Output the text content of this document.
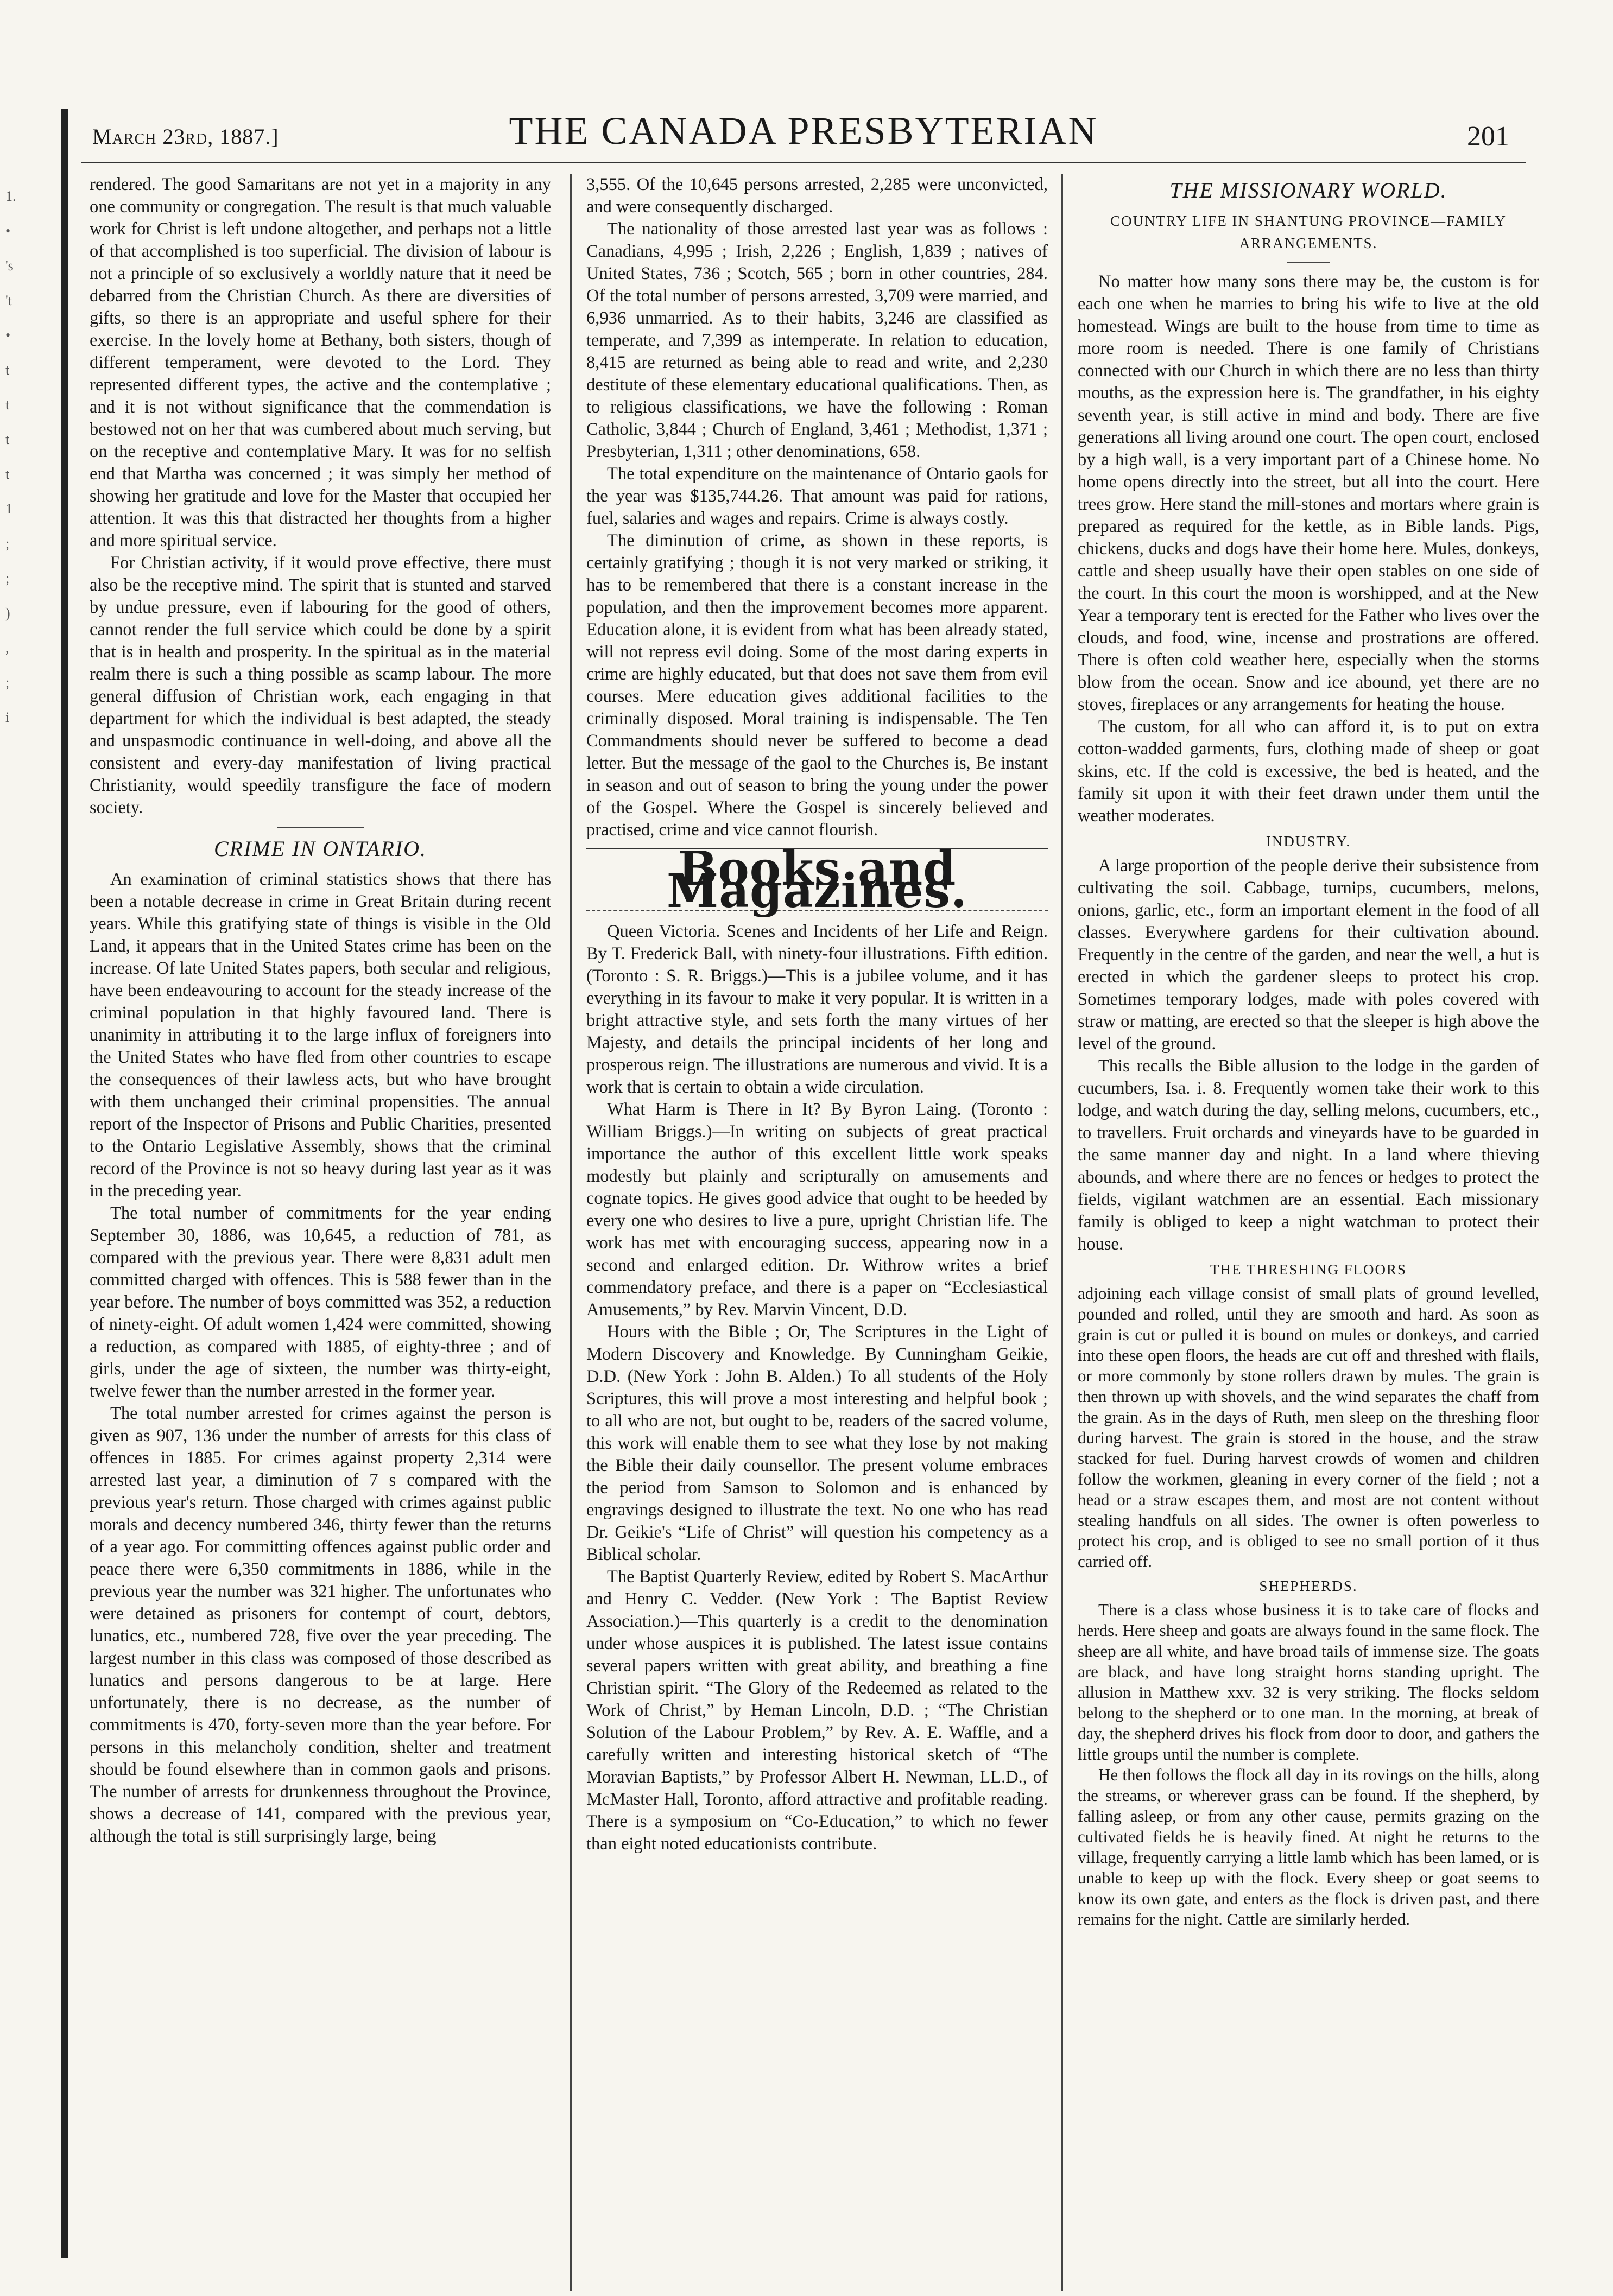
1.
•
's
't
•
t
t
t
t
1
;
;
)
,
;
i
March 23rd, 1887.]	THE CANADA PRESBYTERIAN	201

rendered. The good Samaritans are not yet in a majority in any one community or congregation. The result is that much valuable work for Christ is left undone altogether, and perhaps not a little of that accomplished is too superficial. The division of labour is not a principle of so exclusively a worldly nature that it need be debarred from the Christian Church. As there are diversities of gifts, so there is an appropriate and useful sphere for their exercise. In the lovely home at Bethany, both sisters, though of different temperament, were devoted to the Lord. They represented different types, the active and the contemplative ; and it is not without significance that the commendation is bestowed not on her that was cumbered about much serving, but on the receptive and contemplative Mary. It was for no selfish end that Martha was concerned ; it was simply her method of showing her gratitude and love for the Master that occupied her attention. It was this that distracted her thoughts from a higher and more spiritual service.

For Christian activity, if it would prove effective, there must also be the receptive mind. The spirit that is stunted and starved by undue pressure, even if labouring for the good of others, cannot render the full service which could be done by a spirit that is in health and prosperity. In the spiritual as in the material realm there is such a thing possible as scamp labour. The more general diffusion of Christian work, each engaging in that department for which the individual is best adapted, the steady and unspasmodic continuance in well-doing, and above all the consistent and every-day manifestation of living practical Christianity, would speedily transfigure the face of modern society.

CRIME IN ONTARIO.

An examination of criminal statistics shows that there has been a notable decrease in crime in Great Britain during recent years. While this gratifying state of things is visible in the Old Land, it appears that in the United States crime has been on the increase. Of late United States papers, both secular and religious, have been endeavouring to account for the steady increase of the criminal population in that highly favoured land. There is unanimity in attributing it to the large influx of foreigners into the United States who have fled from other countries to escape the consequences of their lawless acts, but who have brought with them unchanged their criminal propensities. The annual report of the Inspector of Prisons and Public Charities, presented to the Ontario Legislative Assembly, shows that the criminal record of the Province is not so heavy during last year as it was in the preceding year.

The total number of commitments for the year ending September 30, 1886, was 10,645, a reduction of 781, as compared with the previous year. There were 8,831 adult men committed charged with offences. This is 588 fewer than in the year before. The number of boys committed was 352, a reduction of ninety-eight. Of adult women 1,424 were committed, showing a reduction, as compared with 1885, of eighty-three ; and of girls, under the age of sixteen, the number was thirty-eight, twelve fewer than the number arrested in the former year.

The total number arrested for crimes against the person is given as 907, 136 under the number of arrests for this class of offences in 1885. For crimes against property 2,314 were arrested last year, a diminution of 7 s compared with the previous year's return. Those charged with crimes against public morals and decency numbered 346, thirty fewer than the returns of a year ago. For committing offences against public order and peace there were 6,350 commitments in 1886, while in the previous year the number was 321 higher. The unfortunates who were detained as prisoners for contempt of court, debtors, lunatics, etc., numbered 728, five over the year preceding. The largest number in this class was composed of those described as lunatics and persons dangerous to be at large. Here unfortunately, there is no decrease, as the number of commitments is 470, forty-seven more than the year before. For persons in this melancholy condition, shelter and treatment should be found elsewhere than in common gaols and prisons. The number of arrests for drunkenness throughout the Province, shows a decrease of 141, compared with the previous year, although the total is still surprisingly large, being

3,555. Of the 10,645 persons arrested, 2,285 were unconvicted, and were consequently discharged.

The nationality of those arrested last year was as follows : Canadians, 4,995 ; Irish, 2,226 ; English, 1,839 ; natives of United States, 736 ; Scotch, 565 ; born in other countries, 284. Of the total number of persons arrested, 3,709 were married, and 6,936 unmarried. As to their habits, 3,246 are classified as temperate, and 7,399 as intemperate. In relation to education, 8,415 are returned as being able to read and write, and 2,230 destitute of these elementary educational qualifications. Then, as to religious classifications, we have the following : Roman Catholic, 3,844 ; Church of England, 3,461 ; Methodist, 1,371 ; Presbyterian, 1,311 ; other denominations, 658.

The total expenditure on the maintenance of Ontario gaols for the year was $135,744.26. That amount was paid for rations, fuel, salaries and wages and repairs. Crime is always costly.

The diminution of crime, as shown in these reports, is certainly gratifying ; though it is not very marked or striking, it has to be remembered that there is a constant increase in the population, and then the improvement becomes more apparent. Education alone, it is evident from what has been already stated, will not repress evil doing. Some of the most daring experts in crime are highly educated, but that does not save them from evil courses. Mere education gives additional facilities to the criminally disposed. Moral training is indispensable. The Ten Commandments should never be suffered to become a dead letter. But the message of the gaol to the Churches is, Be instant in season and out of season to bring the young under the power of the Gospel. Where the Gospel is sincerely believed and practised, crime and vice cannot flourish.

Books and Magazines.

Queen Victoria. Scenes and Incidents of her Life and Reign. By T. Frederick Ball, with ninety-four illustrations. Fifth edition. (Toronto : S. R. Briggs.)—This is a jubilee volume, and it has everything in its favour to make it very popular. It is written in a bright attractive style, and sets forth the many virtues of her Majesty, and details the principal incidents of her long and prosperous reign. The illustrations are numerous and vivid. It is a work that is certain to obtain a wide circulation.

What Harm is There in It? By Byron Laing. (Toronto : William Briggs.)—In writing on subjects of great practical importance the author of this excellent little work speaks modestly but plainly and scripturally on amusements and cognate topics. He gives good advice that ought to be heeded by every one who desires to live a pure, upright Christian life. The work has met with encouraging success, appearing now in a second and enlarged edition. Dr. Withrow writes a brief commendatory preface, and there is a paper on “Ecclesiastical Amusements,” by Rev. Marvin Vincent, D.D.

Hours with the Bible ; Or, The Scriptures in the Light of Modern Discovery and Knowledge. By Cunningham Geikie, D.D. (New York : John B. Alden.) To all students of the Holy Scriptures, this will prove a most interesting and helpful book ; to all who are not, but ought to be, readers of the sacred volume, this work will enable them to see what they lose by not making the Bible their daily counsellor. The present volume embraces the period from Samson to Solomon and is enhanced by engravings designed to illustrate the text. No one who has read Dr. Geikie's “Life of Christ” will question his competency as a Biblical scholar.

The Baptist Quarterly Review, edited by Robert S. MacArthur and Henry C. Vedder. (New York : The Baptist Review Association.)—This quarterly is a credit to the denomination under whose auspices it is published. The latest issue contains several papers written with great ability, and breathing a fine Christian spirit. “The Glory of the Redeemed as related to the Work of Christ,” by Heman Lincoln, D.D. ; “The Christian Solution of the Labour Problem,” by Rev. A. E. Waffle, and a carefully written and interesting historical sketch of “The Moravian Baptists,” by Professor Albert H. Newman, LL.D., of McMaster Hall, Toronto, afford attractive and profitable reading. There is a symposium on “Co-Education,” to which no fewer than eight noted educationists contribute.

THE MISSIONARY WORLD.
COUNTRY LIFE IN SHANTUNG PROVINCE—FAMILY ARRANGEMENTS.

No matter how many sons there may be, the custom is for each one when he marries to bring his wife to live at the old homestead. Wings are built to the house from time to time as more room is needed. There is one family of Christians connected with our Church in which there are no less than thirty mouths, as the expression here is. The grandfather, in his eighty seventh year, is still active in mind and body. There are five generations all living around one court. The open court, enclosed by a high wall, is a very important part of a Chinese home. No home opens directly into the street, but all into the court. Here trees grow. Here stand the mill-stones and mortars where grain is prepared as required for the kettle, as in Bible lands. Pigs, chickens, ducks and dogs have their home here. Mules, donkeys, cattle and sheep usually have their open stables on one side of the court. In this court the moon is worshipped, and at the New Year a temporary tent is erected for the Father who lives over the clouds, and food, wine, incense and prostrations are offered. There is often cold weather here, especially when the storms blow from the ocean. Snow and ice abound, yet there are no stoves, fireplaces or any arrangements for heating the house.

The custom, for all who can afford it, is to put on extra cotton-wadded garments, furs, clothing made of sheep or goat skins, etc. If the cold is excessive, the bed is heated, and the family sit upon it with their feet drawn under them until the weather moderates.

INDUSTRY.

A large proportion of the people derive their subsistence from cultivating the soil. Cabbage, turnips, cucumbers, melons, onions, garlic, etc., form an important element in the food of all classes. Everywhere gardens for their cultivation abound. Frequently in the centre of the garden, and near the well, a hut is erected in which the gardener sleeps to protect his crop. Sometimes temporary lodges, made with poles covered with straw or matting, are erected so that the sleeper is high above the level of the ground.

This recalls the Bible allusion to the lodge in the garden of cucumbers, Isa. i. 8. Frequently women take their work to this lodge, and watch during the day, selling melons, cucumbers, etc., to travellers. Fruit orchards and vineyards have to be guarded in the same manner day and night. In a land where thieving abounds, and where there are no fences or hedges to protect the fields, vigilant watchmen are an essential. Each missionary family is obliged to keep a night watchman to protect their house.

THE THRESHING FLOORS

adjoining each village consist of small plats of ground levelled, pounded and rolled, until they are smooth and hard. As soon as grain is cut or pulled it is bound on mules or donkeys, and carried into these open floors, the heads are cut off and threshed with flails, or more commonly by stone rollers drawn by mules. The grain is then thrown up with shovels, and the wind separates the chaff from the grain. As in the days of Ruth, men sleep on the threshing floor during harvest. The grain is stored in the house, and the straw stacked for fuel. During harvest crowds of women and children follow the workmen, gleaning in every corner of the field ; not a head or a straw escapes them, and most are not content without stealing handfuls on all sides. The owner is often powerless to protect his crop, and is obliged to see no small portion of it thus carried off.

SHEPHERDS.

There is a class whose business it is to take care of flocks and herds. Here sheep and goats are always found in the same flock. The sheep are all white, and have broad tails of immense size. The goats are black, and have long straight horns standing upright. The allusion in Matthew xxv. 32 is very striking. The flocks seldom belong to the shepherd or to one man. In the morning, at break of day, the shepherd drives his flock from door to door, and gathers the little groups until the number is complete.

He then follows the flock all day in its rovings on the hills, along the streams, or wherever grass can be found. If the shepherd, by falling asleep, or from any other cause, permits grazing on the cultivated fields he is heavily fined. At night he returns to the village, frequently carrying a little lamb which has been lamed, or is unable to keep up with the flock. Every sheep or goat seems to know its own gate, and enters as the flock is driven past, and there remains for the night. Cattle are similarly herded.
